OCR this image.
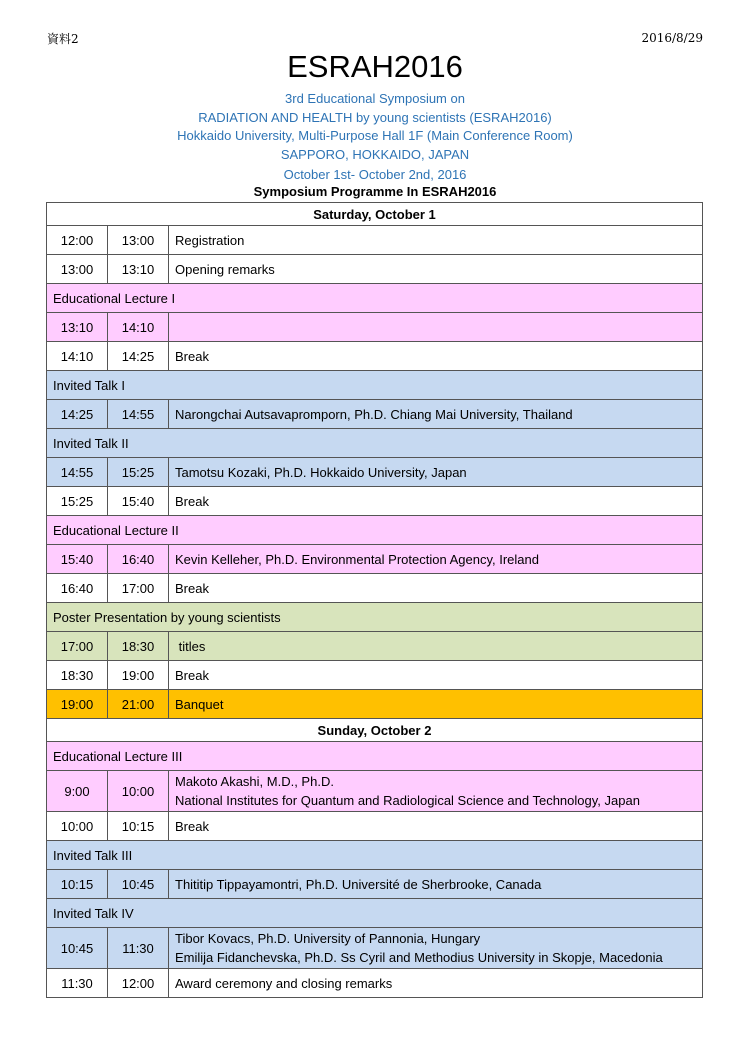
資料2	2016/8/29
ESRAH2016
3rd Educational Symposium on
RADIATION AND HEALTH by young scientists (ESRAH2016)
Hokkaido University, Multi-Purpose Hall 1F (Main Conference Room)
SAPPORO, HOKKAIDO, JAPAN
October 1st- October 2nd, 2016
Symposium Programme In ESRAH2016
Saturday, October 1		
12:00	13:00	Registration
13:00	13:10	Opening remarks
Educational Lecture I		
13:10	14:10	
14:10	14:25	Break
Invited Talk I		
14:25	14:55	Narongchai Autsavapromporn, Ph.D. Chiang Mai University, Thailand
Invited Talk II		
14:55	15:25	Tamotsu Kozaki, Ph.D. Hokkaido University, Japan
15:25	15:40	Break
Educational Lecture II		
15:40	16:40	Kevin Kelleher, Ph.D. Environmental Protection Agency, Ireland
16:40	17:00	Break
Poster Presentation by young scientists		
17:00	18:30	titles
18:30	19:00	Break
19:00	21:00	Banquet
Sunday, October 2		
Educational Lecture III		
9:00	10:00	Makoto Akashi, M.D., Ph.D.
National Institutes for Quantum and Radiological Science and Technology, Japan

10:00	10:15	Break
Invited Talk III		
10:15	10:45	Thititip Tippayamontri, Ph.D. Université de Sherbrooke, Canada
Invited Talk IV		
10:45	11:30	Tibor Kovacs, Ph.D. University of Pannonia, Hungary
Emilija Fidanchevska, Ph.D. Ss Cyril and Methodius University in Skopje, Macedonia

11:30	12:00	Award ceremony and closing remarks
